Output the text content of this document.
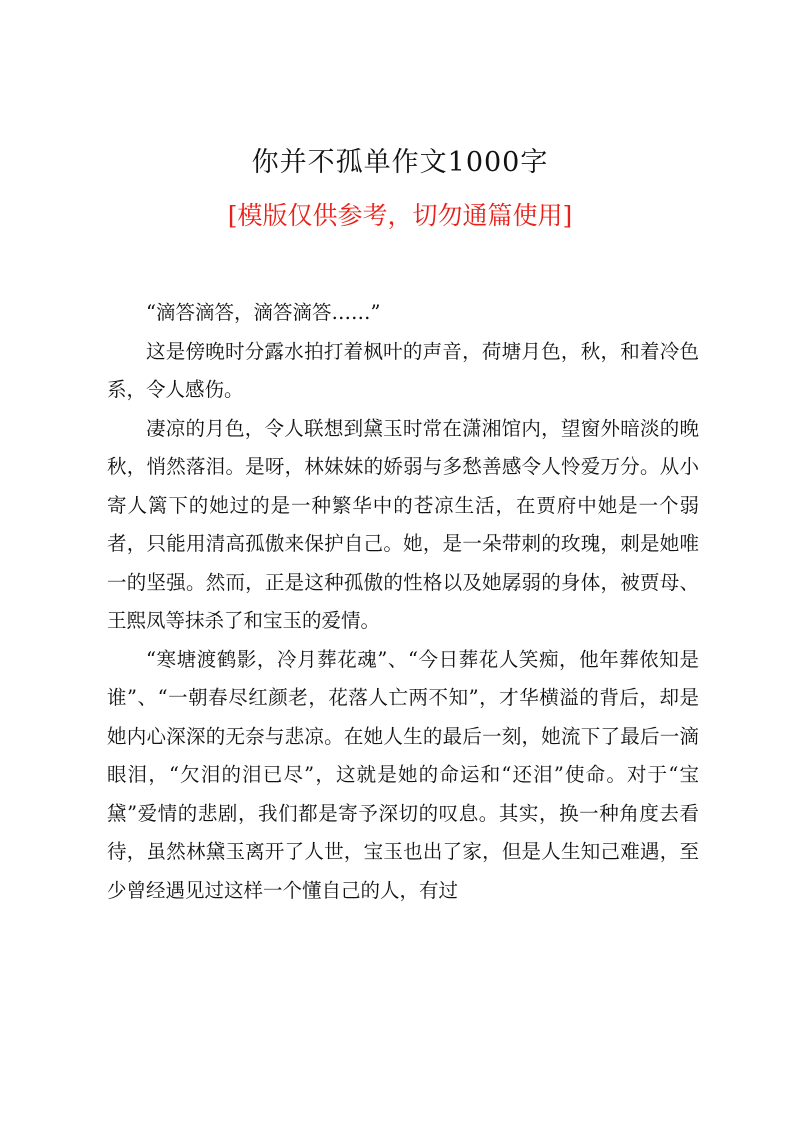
你并不孤单作文1000字
[模版仅供参考，切勿通篇使用]

“滴答滴答，滴答滴答……”

这是傍晚时分露水拍打着枫叶的声音，荷塘月色，秋，和着冷色系，令人感伤。

凄凉的月色，令人联想到黛玉时常在潇湘馆内，望窗外暗淡的晚秋，悄然落泪。是呀，林妹妹的娇弱与多愁善感令人怜爱万分。从小寄人篱下的她过的是一种繁华中的苍凉生活，在贾府中她是一个弱者，只能用清高孤傲来保护自己。她，是一朵带刺的玫瑰，刺是她唯一的坚强。然而，正是这种孤傲的性格以及她孱弱的身体，被贾母、王熙凤等抹杀了和宝玉的爱情。

“寒塘渡鹤影，冷月葬花魂”、“今日葬花人笑痴，他年葬侬知是谁”、“一朝春尽红颜老，花落人亡两不知”，才华横溢的背后，却是她内心深深的无奈与悲凉。在她人生的最后一刻，她流下了最后一滴眼泪，“欠泪的泪已尽”，这就是她的命运和“还泪”使命。对于“宝黛”爱情的悲剧，我们都是寄予深切的叹息。其实，换一种角度去看待，虽然林黛玉离开了人世，宝玉也出了家，但是人生知己难遇，至少曾经遇见过这样一个懂自己的人，有过
